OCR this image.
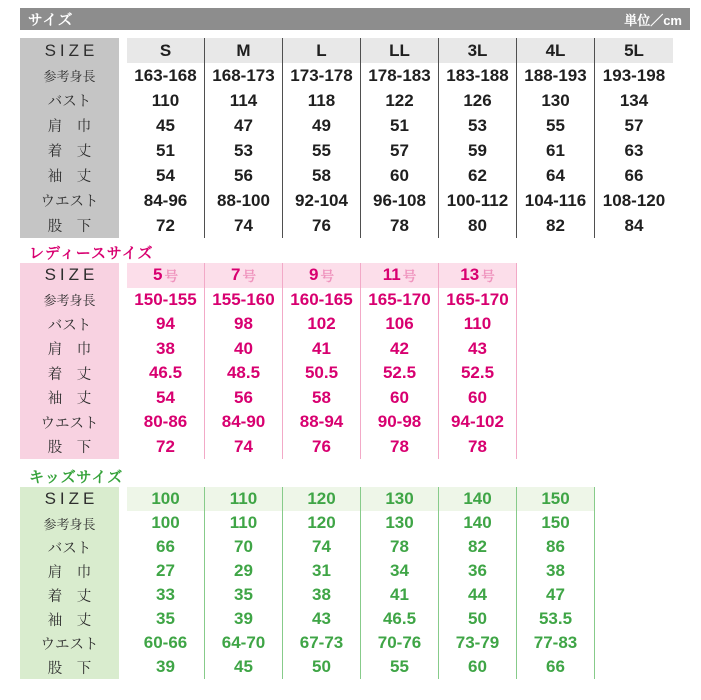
サイズ	単位／cm
SIZE
参考身長
バスト
肩　巾
着　丈
袖　丈
ウエスト
股　下
S
163-168
110
45
51
54
84-96
72
M
168-173
114
47
53
56
88-100
74
L
173-178
118
49
55
58
92-104
76
LL
178-183
122
51
57
60
96-108
78
3L
183-188
126
53
59
62
100-112
80
4L
188-193
130
55
61
64
104-116
82
5L
193-198
134
57
63
66
108-120
84
レディースサイズ
SIZE
参考身長
バスト
肩　巾
着　丈
袖　丈
ウエスト
股　下
5 号
150-155
94
38
46.5
54
80-86
72
7 号
155-160
98
40
48.5
56
84-90
74
9 号
160-165
102
41
50.5
58
88-94
76
11 号
165-170
106
42
52.5
60
90-98
78
13 号
165-170
110
43
52.5
60
94-102
78
キッズサイズ
SIZE
参考身長
バスト
肩　巾
着　丈
袖　丈
ウエスト
股　下
100
100
66
27
33
35
60-66
39
110
110
70
29
35
39
64-70
45
120
120
74
31
38
43
67-73
50
130
130
78
34
41
46.5
70-76
55
140
140
82
36
44
50
73-79
60
150
150
86
38
47
53.5
77-83
66
